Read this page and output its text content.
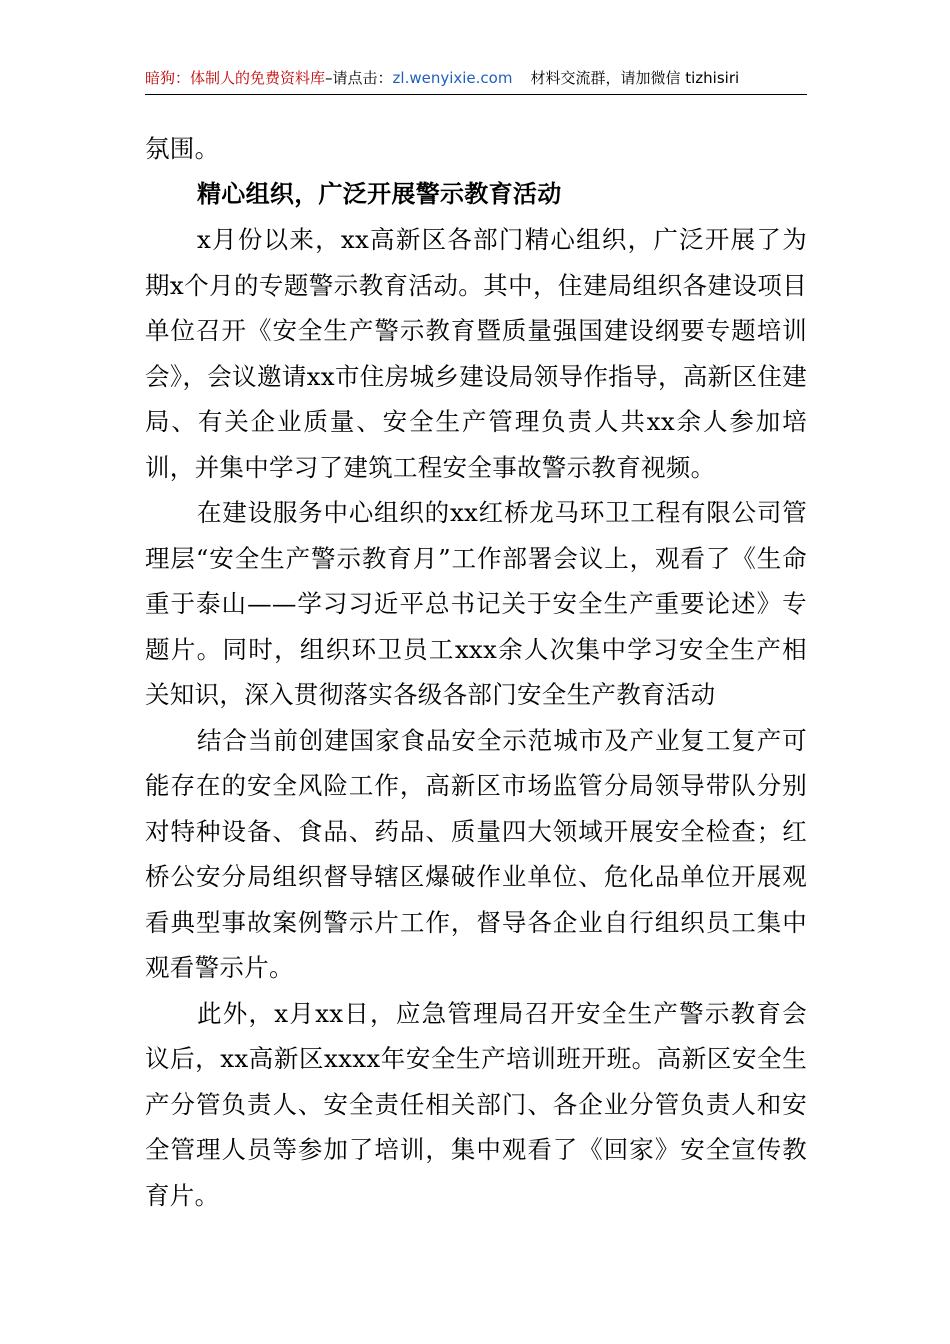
暗狗：体制人的免费资料库–请点击：zl.wenyixie.com 材料交流群，请加微信 tizhisiri

氛围。

精心组织，广泛开展警示教育活动

x月份以来，xx高新区各部门精心组织，广泛开展了为期x个月的专题警示教育活动。其中，住建局组织各建设项目单位召开《安全生产警示教育暨质量强国建设纲要专题培训会》，会议邀请xx市住房城乡建设局领导作指导，高新区住建局、有关企业质量、安全生产管理负责人共xx余人参加培训，并集中学习了建筑工程安全事故警示教育视频。

在建设服务中心组织的xx红桥龙马环卫工程有限公司管理层“安全生产警示教育月”工作部署会议上，观看了《生命重于泰山——学习习近平总书记关于安全生产重要论述》专题片。同时，组织环卫员工xxx余人次集中学习安全生产相关知识，深入贯彻落实各级各部门安全生产教育活动

结合当前创建国家食品安全示范城市及产业复工复产可能存在的安全风险工作，高新区市场监管分局领导带队分别对特种设备、食品、药品、质量四大领域开展安全检查；红桥公安分局组织督导辖区爆破作业单位、危化品单位开展观看典型事故案例警示片工作，督导各企业自行组织员工集中观看警示片。

此外，x月xx日，应急管理局召开安全生产警示教育会议后，xx高新区xxxx年安全生产培训班开班。高新区安全生产分管负责人、安全责任相关部门、各企业分管负责人和安全管理人员等参加了培训，集中观看了《回家》安全宣传教育片。
